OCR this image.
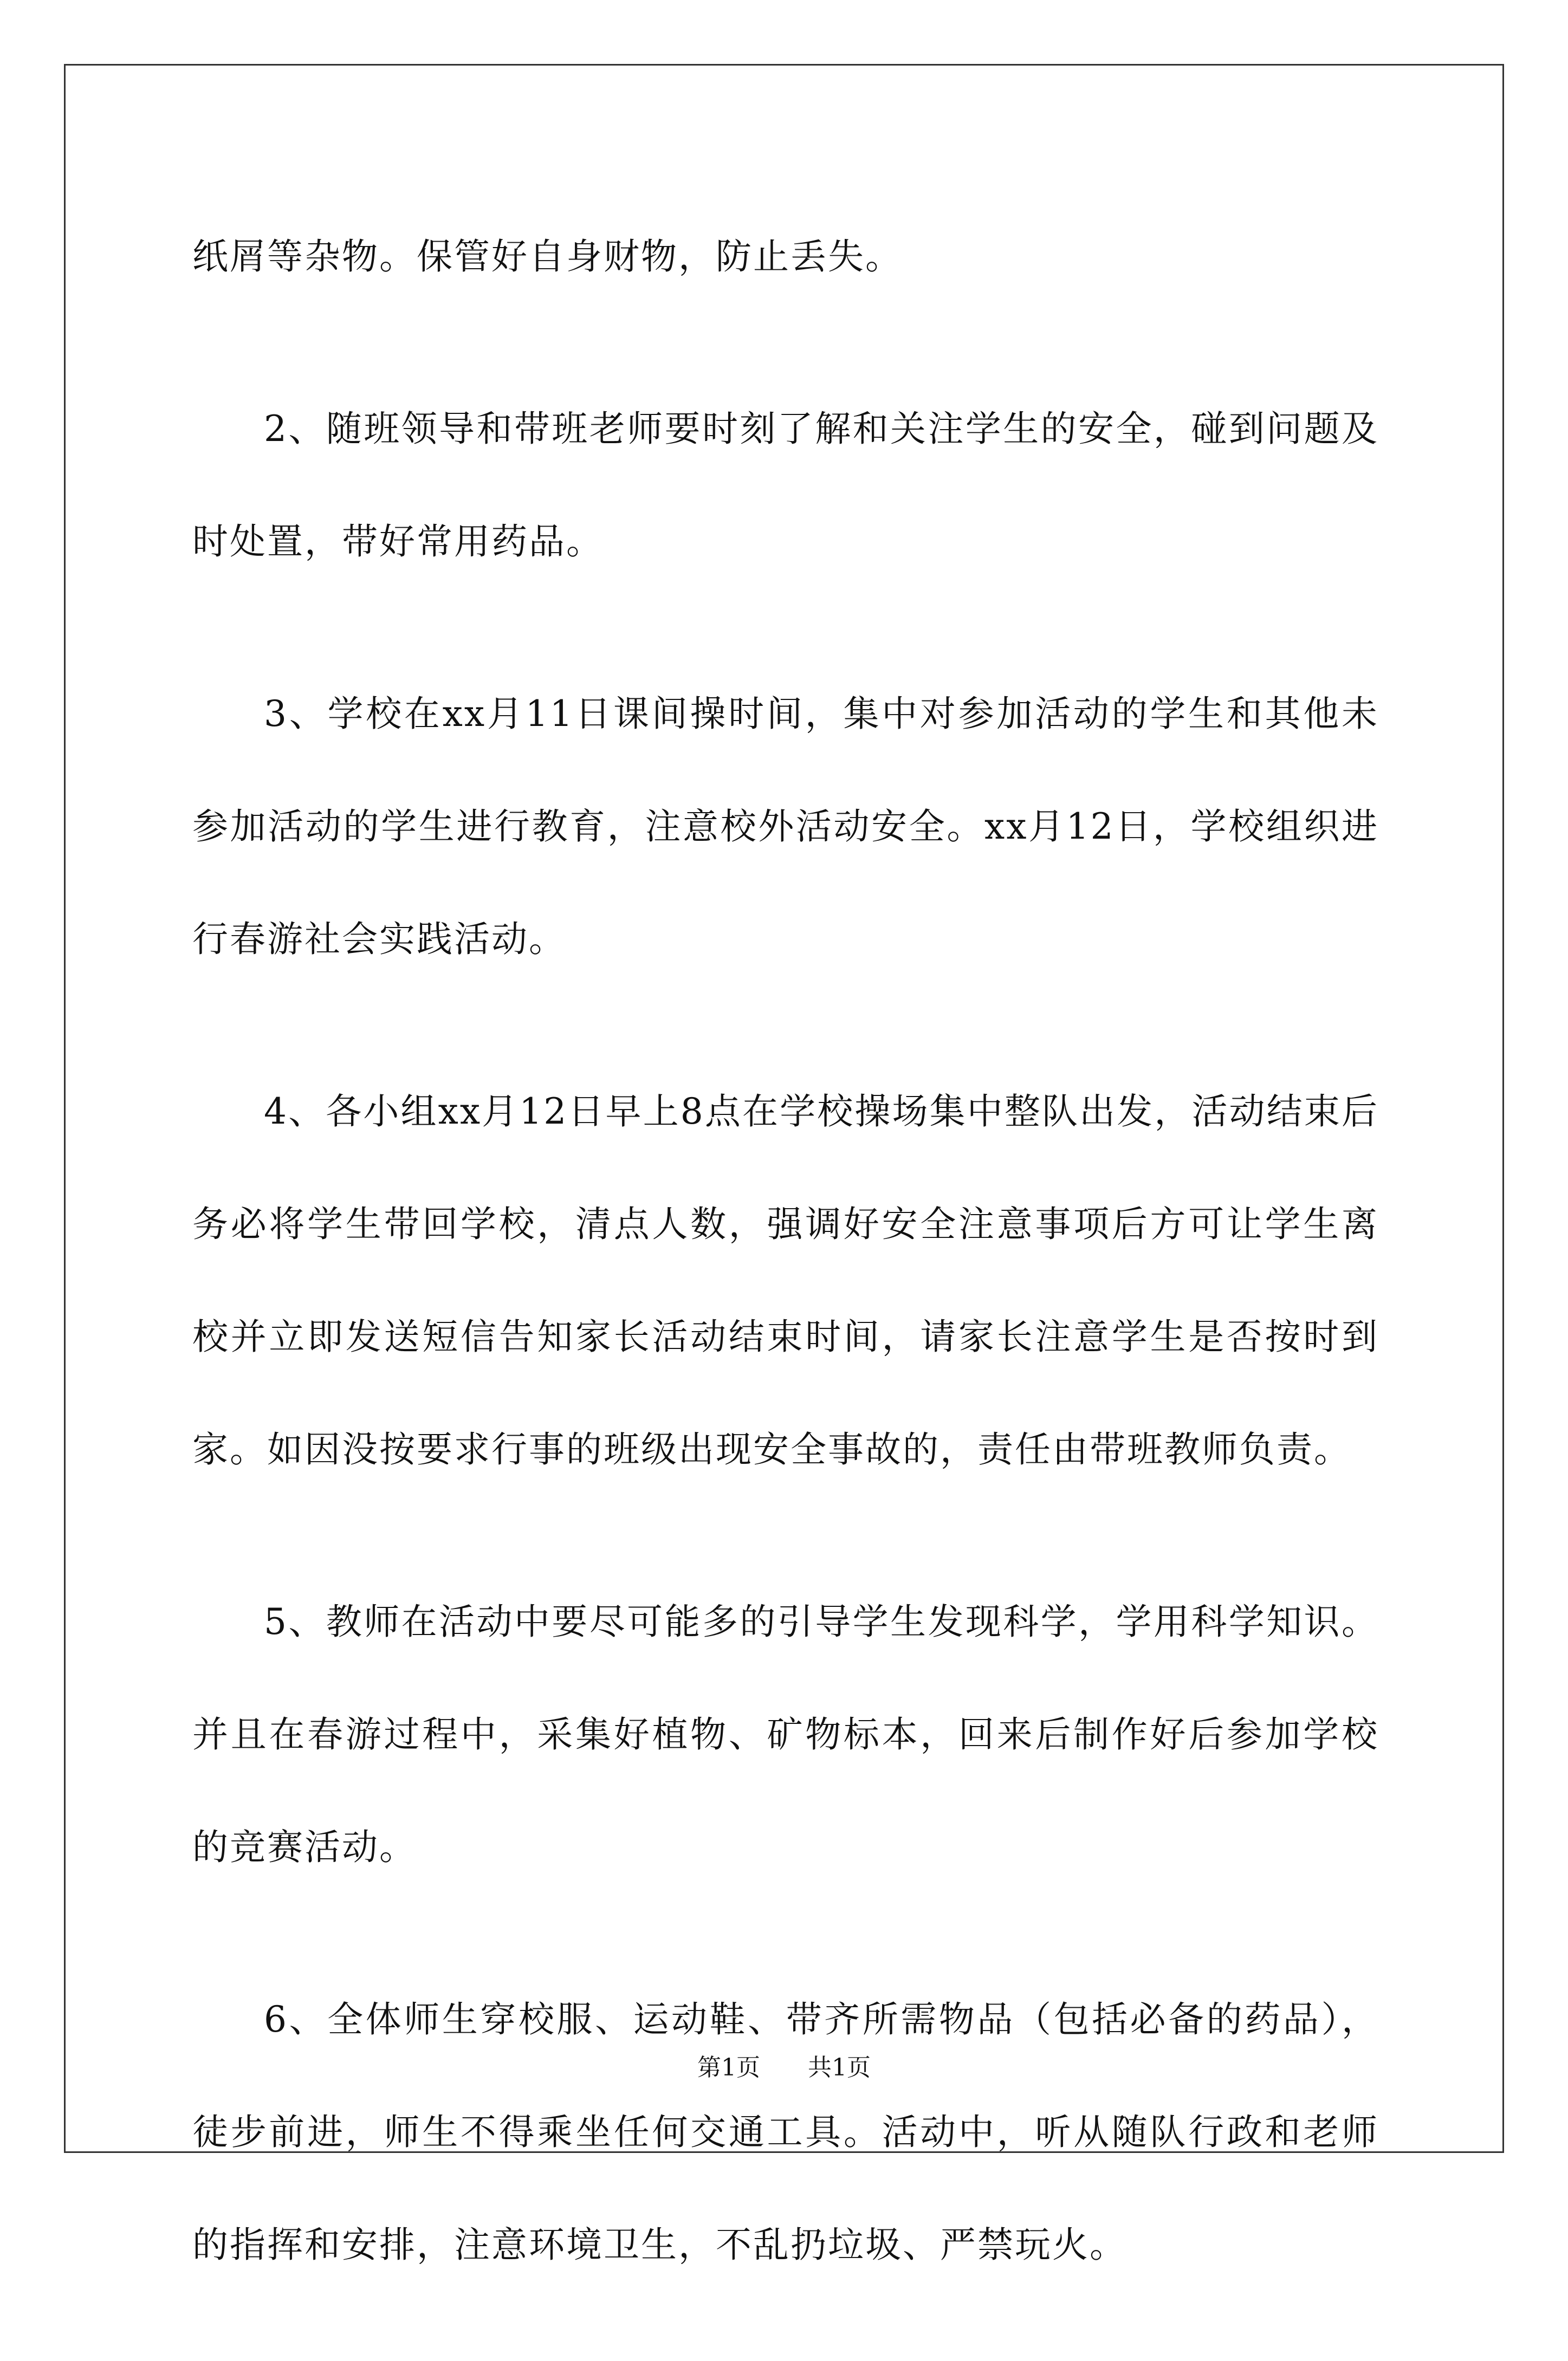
纸屑等杂物。保管好自身财物，防止丢失。

2、随班领导和带班老师要时刻了解和关注学生的安全，碰到问题及时处置，带好常用药品。

3、学校在xx月11日课间操时间，集中对参加活动的学生和其他未参加活动的学生进行教育，注意校外活动安全。xx月12日，学校组织进行春游社会实践活动。

4、各小组xx月12日早上8点在学校操场集中整队出发，活动结束后务必将学生带回学校，清点人数，强调好安全注意事项后方可让学生离校并立即发送短信告知家长活动结束时间，请家长注意学生是否按时到家。如因没按要求行事的班级出现安全事故的，责任由带班教师负责。

5、教师在活动中要尽可能多的引导学生发现科学，学用科学知识。并且在春游过程中，采集好植物、矿物标本，回来后制作好后参加学校的竞赛活动。

6、全体师生穿校服、运动鞋、带齐所需物品（包括必备的药品），徒步前进，师生不得乘坐任何交通工具。活动中，听从随队行政和老师的指挥和安排，注意环境卫生，不乱扔垃圾、严禁玩火。

第1页 共1页
